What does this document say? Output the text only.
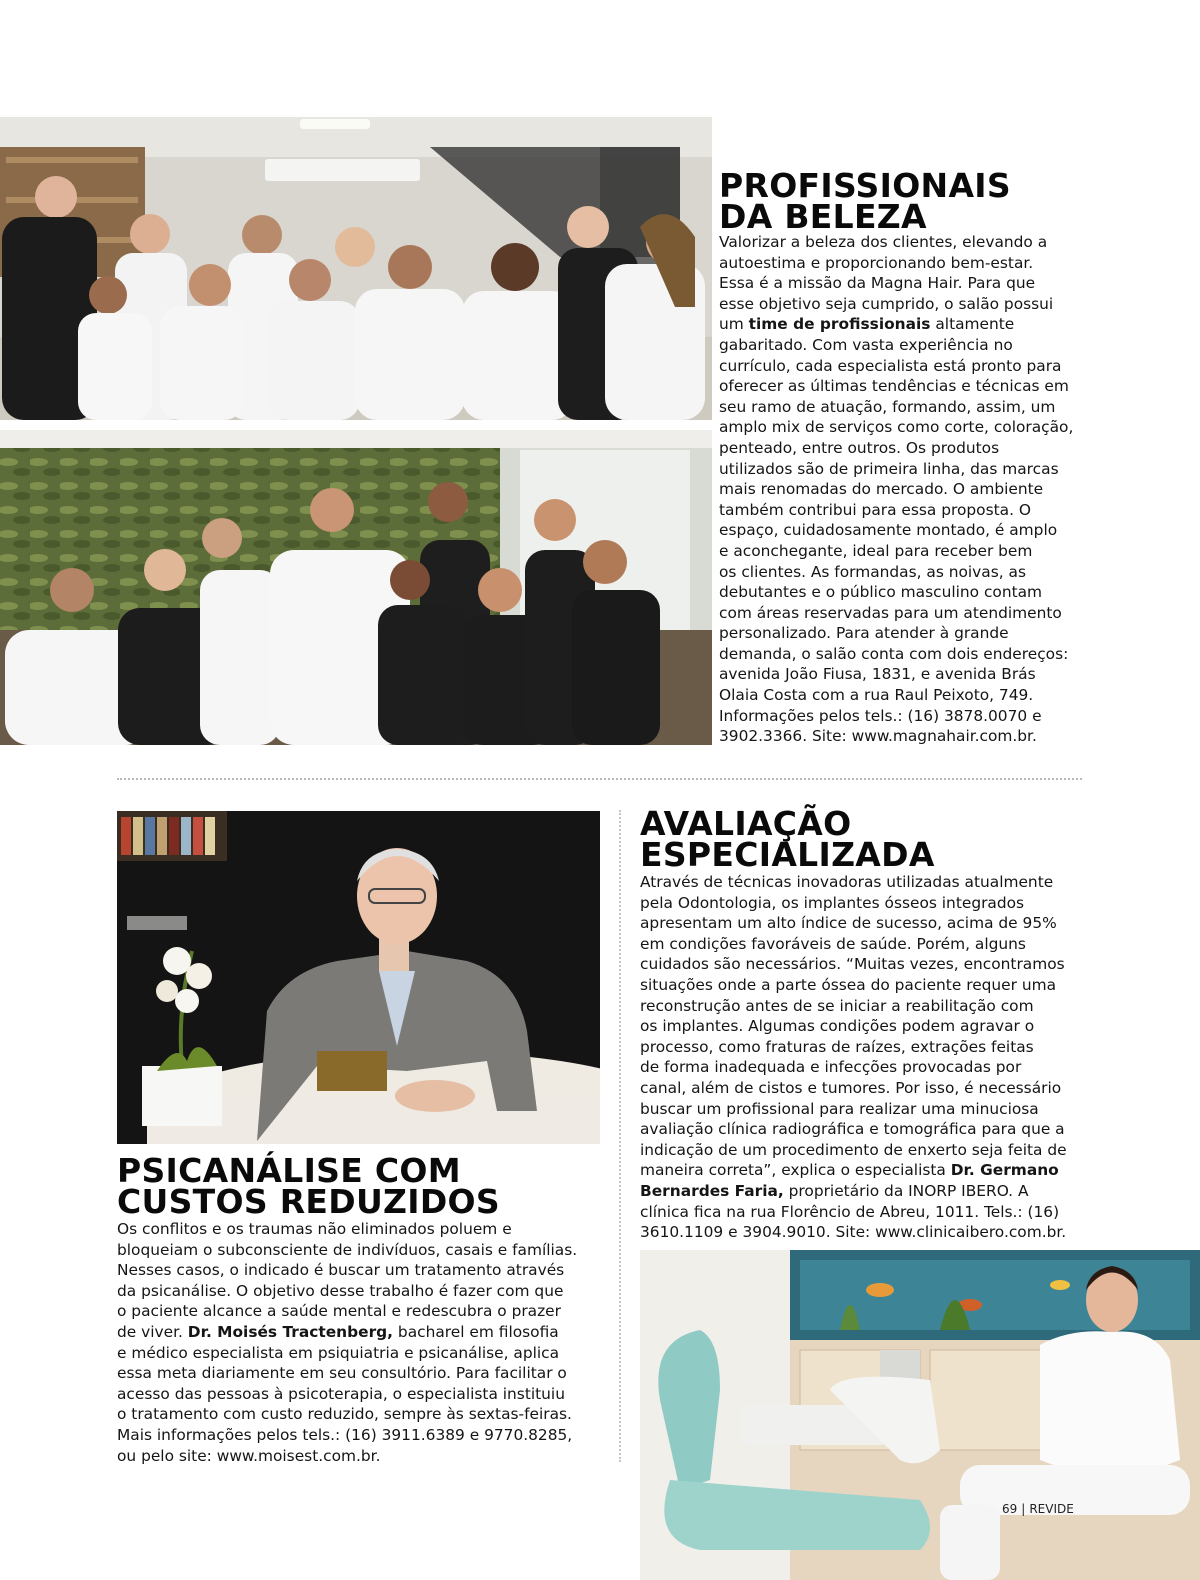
PROFISSIONAIS
DA BELEZA
Valorizar a beleza dos clientes, elevando a
autoestima e proporcionando bem-estar.
Essa é a missão da Magna Hair. Para que
esse objetivo seja cumprido, o salão possui
um time de profissionais altamente
gabaritado. Com vasta experiência no
currículo, cada especialista está pronto para
oferecer as últimas tendências e técnicas em
seu ramo de atuação, formando, assim, um
amplo mix de serviços como corte, coloração,
penteado, entre outros. Os produtos
utilizados são de primeira linha, das marcas
mais renomadas do mercado. O ambiente
também contribui para essa proposta. O
espaço, cuidadosamente montado, é amplo
e aconchegante, ideal para receber bem
os clientes. As formandas, as noivas, as
debutantes e o público masculino contam
com áreas reservadas para um atendimento
personalizado. Para atender à grande
demanda, o salão conta com dois endereços:
avenida João Fiusa, 1831, e avenida Brás
Olaia Costa com a rua Raul Peixoto, 749.
Informações pelos tels.: (16) 3878.0070 e
3902.3366. Site: www.magnahair.com.br.
PSICANÁLISE COM
CUSTOS REDUZIDOS
Os conflitos e os traumas não eliminados poluem e
bloqueiam o subconsciente de indivíduos, casais e famílias.
Nesses casos, o indicado é buscar um tratamento através
da psicanálise. O objetivo desse trabalho é fazer com que
o paciente alcance a saúde mental e redescubra o prazer
de viver. Dr. Moisés Tractenberg, bacharel em filosofia
e médico especialista em psiquiatria e psicanálise, aplica
essa meta diariamente em seu consultório. Para facilitar o
acesso das pessoas à psicoterapia, o especialista instituiu
o tratamento com custo reduzido, sempre às sextas-feiras.
Mais informações pelos tels.: (16) 3911.6389 e 9770.8285,
ou pelo site: www.moisest.com.br.
AVALIAÇÃO
ESPECIALIZADA
Através de técnicas inovadoras utilizadas atualmente
pela Odontologia, os implantes ósseos integrados
apresentam um alto índice de sucesso, acima de 95%
em condições favoráveis de saúde. Porém, alguns
cuidados são necessários. “Muitas vezes, encontramos
situações onde a parte óssea do paciente requer uma
reconstrução antes de se iniciar a reabilitação com
os implantes. Algumas condições podem agravar o
processo, como fraturas de raízes, extrações feitas
de forma inadequada e infecções provocadas por
canal, além de cistos e tumores. Por isso, é necessário
buscar um profissional para realizar uma minuciosa
avaliação clínica radiográfica e tomográfica para que a
indicação de um procedimento de enxerto seja feita de
maneira correta”, explica o especialista Dr. Germano
Bernardes Faria, proprietário da INORP IBERO. A
clínica fica na rua Florêncio de Abreu, 1011. Tels.: (16)
3610.1109 e 3904.9010. Site: www.clinicaibero.com.br.
69 | REVIDE
